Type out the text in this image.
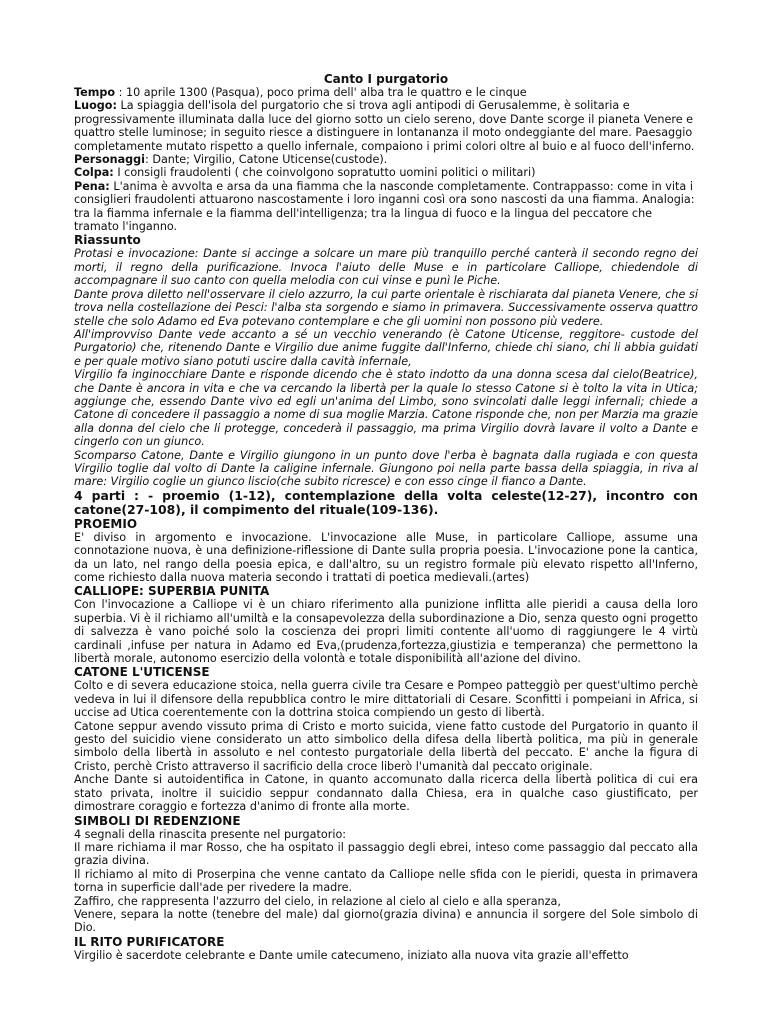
Canto I purgatorio

Tempo : 10 aprile 1300 (Pasqua), poco prima dell' alba tra le quattro e le cinque

Luogo: La spiaggia dell'isola del purgatorio che si trova agli antipodi di Gerusalemme, è solitaria e progressivamente illuminata dalla luce del giorno sotto un cielo sereno, dove Dante scorge il pianeta Venere e quattro stelle luminose; in seguito riesce a distinguere in lontananza il moto ondeggiante del mare. Paesaggio completamente mutato rispetto a quello infernale, compaiono i primi colori oltre al buio e al fuoco dell'inferno.

Personaggi: Dante; Virgilio, Catone Uticense(custode).

Colpa: I consigli fraudolenti ( che coinvolgono sopratutto uomini politici o militari)

Pena: L'anima è avvolta e arsa da una fiamma che la nasconde completamente. Contrappasso: come in vita i consiglieri fraudolenti attuarono nascostamente i loro inganni così ora sono nascosti da una fiamma. Analogia: tra la fiamma infernale e la fiamma dell'intelligenza; tra la lingua di fuoco e la lingua del peccatore che tramato l'inganno.

Riassunto

Protasi e invocazione: Dante si accinge a solcare un mare più tranquillo perché canterà il secondo regno dei morti, il regno della purificazione. Invoca l'aiuto delle Muse e in particolare Calliope, chiedendole di accompagnare il suo canto con quella melodia con cui vinse e punì le Piche.

Dante prova diletto nell'osservare il cielo azzurro, la cui parte orientale è rischiarata dal pianeta Venere, che si trova nella costellazione dei Pesci: l'alba sta sorgendo e siamo in primavera. Successivamente osserva quattro stelle che solo Adamo ed Eva potevano contemplare e che gli uomini non possono più vedere.

All'improvviso Dante vede accanto a sé un vecchio venerando (è Catone Uticense, reggitore- custode del Purgatorio) che, ritenendo Dante e Virgilio due anime fuggite dall'Inferno, chiede chi siano, chi li abbia guidati e per quale motivo siano potuti uscire dalla cavità infernale,

Virgilio fa inginocchiare Dante e risponde dicendo che è stato indotto da una donna scesa dal cielo(Beatrice), che Dante è ancora in vita e che va cercando la libertà per la quale lo stesso Catone si è tolto la vita in Utica; aggiunge che, essendo Dante vivo ed egli un'anima del Limbo, sono svincolati dalle leggi infernali; chiede a Catone di concedere il passaggio a nome di sua moglie Marzia. Catone risponde che, non per Marzia ma grazie alla donna del cielo che li protegge, concederà il passaggio, ma prima Virgilio dovrà lavare il volto a Dante e cingerlo con un giunco.

Scomparso Catone, Dante e Virgilio giungono in un punto dove l'erba è bagnata dalla rugiada e con questa Virgilio toglie dal volto di Dante la caligine infernale. Giungono poi nella parte bassa della spiaggia, in riva al mare: Virgilio coglie un giunco liscio(che subito ricresce) e con esso cinge il fianco a Dante.

4 parti : - proemio (1-12), contemplazione della volta celeste(12-27), incontro con catone(27-108), il compimento del rituale(109-136).

PROEMIO

E' diviso in argomento e invocazione. L'invocazione alle Muse, in particolare Calliope, assume una connotazione nuova, è una definizione-riflessione di Dante sulla propria poesia. L'invocazione pone la cantica, da un lato, nel rango della poesia epica, e dall'altro, su un registro formale più elevato rispetto all'Inferno, come richiesto dalla nuova materia secondo i trattati di poetica medievali.(artes)

CALLIOPE: SUPERBIA PUNITA

Con l'invocazione a Calliope vi è un chiaro riferimento alla punizione inflitta alle pieridi a causa della loro superbia. Vi è il richiamo all'umiltà e la consapevolezza della subordinazione a Dio, senza questo ogni progetto di salvezza è vano poiché solo la coscienza dei propri limiti contente all'uomo di raggiungere le 4 virtù cardinali ,infuse per natura in Adamo ed Eva,(prudenza,fortezza,giustizia e temperanza) che permettono la libertà morale, autonomo esercizio della volontà e totale disponibilità all'azione del divino.

CATONE L'UTICENSE

Colto e di severa educazione stoica, nella guerra civile tra Cesare e Pompeo patteggiò per quest'ultimo perchè vedeva in lui il difensore della repubblica contro le mire dittatoriali di Cesare. Sconfitti i pompeiani in Africa, si uccise ad Utica coerentemente con la dottrina stoica compiendo un gesto di libertà.

Catone seppur avendo vissuto prima di Cristo e morto suicida, viene fatto custode del Purgatorio in quanto il gesto del suicidio viene considerato un atto simbolico della difesa della libertà politica, ma più in generale simbolo della libertà in assoluto e nel contesto purgatoriale della libertà del peccato. E' anche la figura di Cristo, perchè Cristo attraverso il sacrificio della croce liberò l'umanità dal peccato originale.

Anche Dante si autoidentifica in Catone, in quanto accomunato dalla ricerca della libertà politica di cui era stato privata, inoltre il suicidio seppur condannato dalla Chiesa, era in qualche caso giustificato, per dimostrare coraggio e fortezza d'animo di fronte alla morte.

SIMBOLI DI REDENZIONE

4 segnali della rinascita presente nel purgatorio:

Il mare richiama il mar Rosso, che ha ospitato il passaggio degli ebrei, inteso come passaggio dal peccato alla grazia divina.

Il richiamo al mito di Proserpina che venne cantato da Calliope nelle sfida con le pieridi, questa in primavera torna in superficie dall'ade per rivedere la madre.

Zaffiro, che rappresenta l'azzurro del cielo, in relazione al cielo al cielo e alla speranza,

Venere, separa la notte (tenebre del male) dal giorno(grazia divina) e annuncia il sorgere del Sole simbolo di Dio.

IL RITO PURIFICATORE

Virgilio è sacerdote celebrante e Dante umile catecumeno, iniziato alla nuova vita grazie all'effetto
